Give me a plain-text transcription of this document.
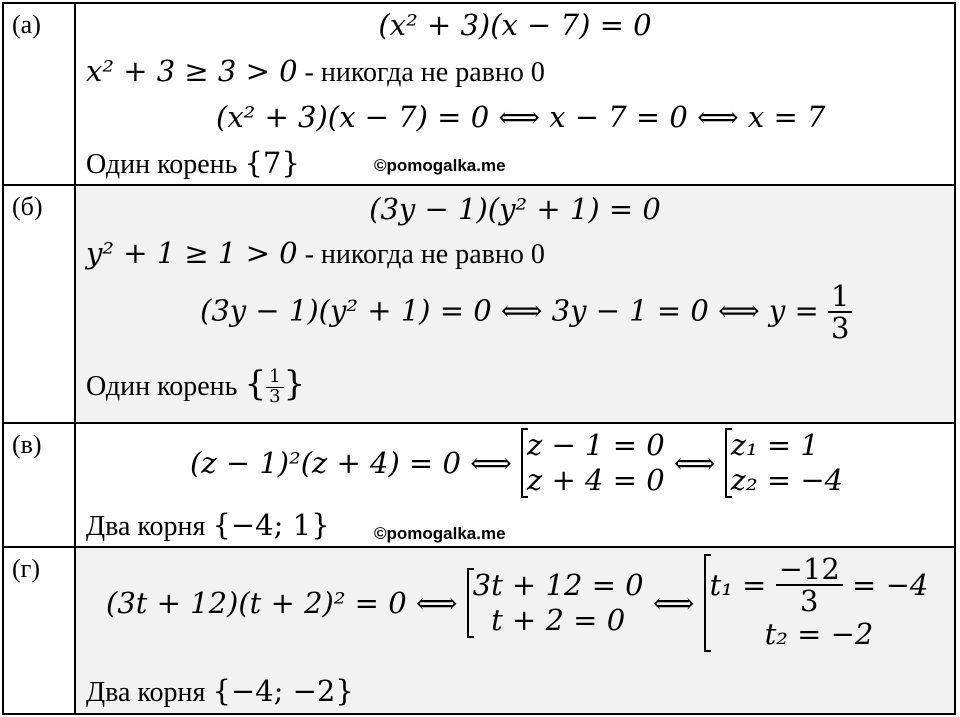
(a)	(x² + 3)(x − 7) = 0
x² + 3 ≥ 3 > 0 - никогда не равно 0
(x² + 3)(x − 7) = 0 ⟺ x − 7 = 0 ⟺ x = 7
Один корень {7}	©pomogalka.me
(б)	(3y − 1)(y² + 1) = 0
y² + 1 ≥ 1 > 0 - никогда не равно 0
(3y − 1)(y² + 1) = 0 ⟺ 3y − 1 = 0 ⟺ $y = \frac{1}{3}$
Один корень { $\frac{1}{3}$ }
(в)
(z − 1)²(z + 4) = 0 ⟺
z − 1 = 0
z + 4 = 0 ⟺
z₁ = 1
z₂ = −4
Два корня {−4; 1}	©pomogalka.me
(г)
(3t + 12)(t + 2)² = 0 ⟺
3t + 12 = 0
t + 2 = 0 ⟺
$t_1 = \frac{-12}{3} = -4$
t₂ = −2
Два корня {−4; −2}
